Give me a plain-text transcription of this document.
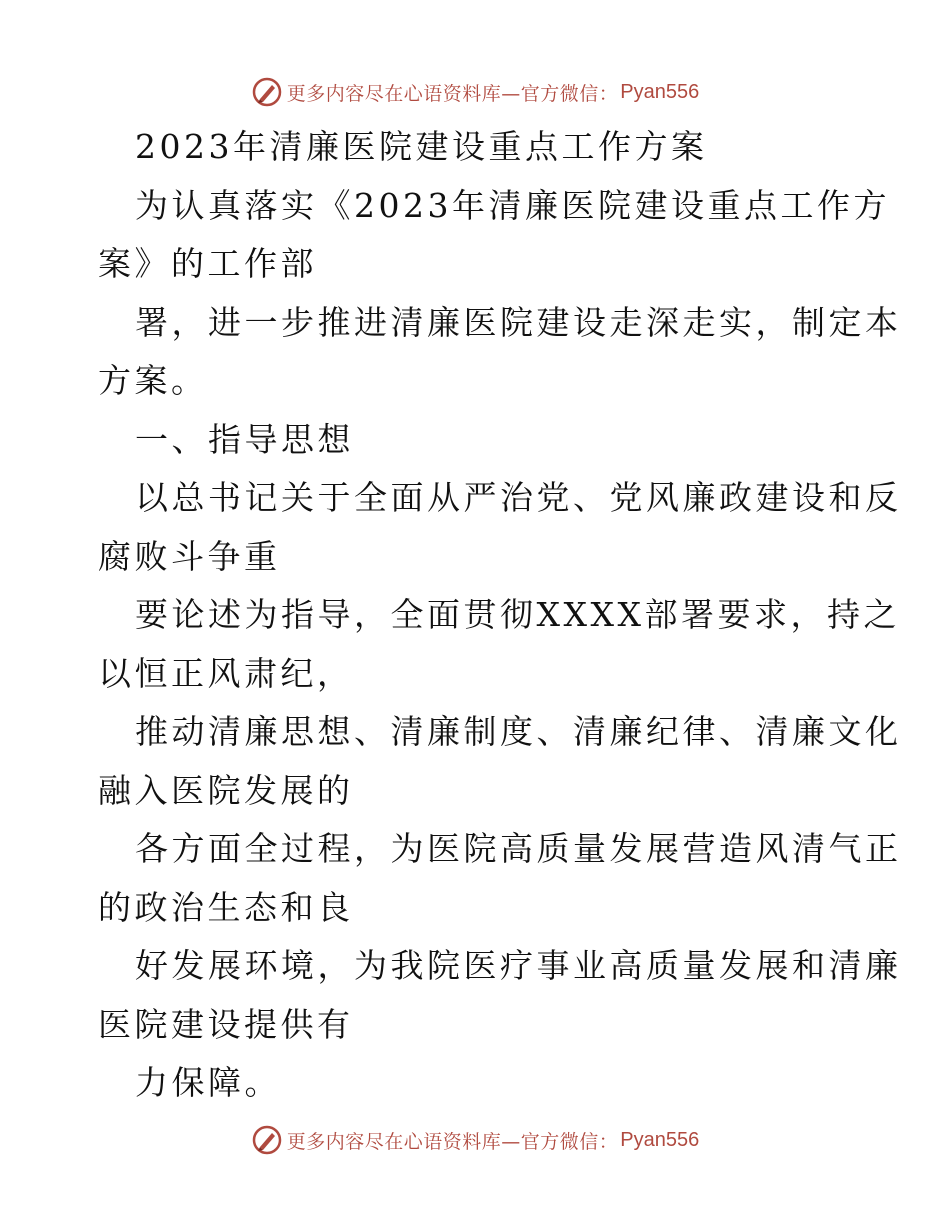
更多内容尽在心语资料库—官方微信： Pyan556
2023年清廉医院建设重点工作方案
为认真落实《2023年清廉医院建设重点工作方
案》的工作部
署，进一步推进清廉医院建设走深走实，制定本
方案。
一、指导思想
以总书记关于全面从严治党、党风廉政建设和反
腐败斗争重
要论述为指导，全面贯彻XXXX部署要求，持之
以恒正风肃纪，
推动清廉思想、清廉制度、清廉纪律、清廉文化
融入医院发展的
各方面全过程，为医院高质量发展营造风清气正
的政治生态和良
好发展环境，为我院医疗事业高质量发展和清廉
医院建设提供有
力保障。
更多内容尽在心语资料库—官方微信： Pyan556
